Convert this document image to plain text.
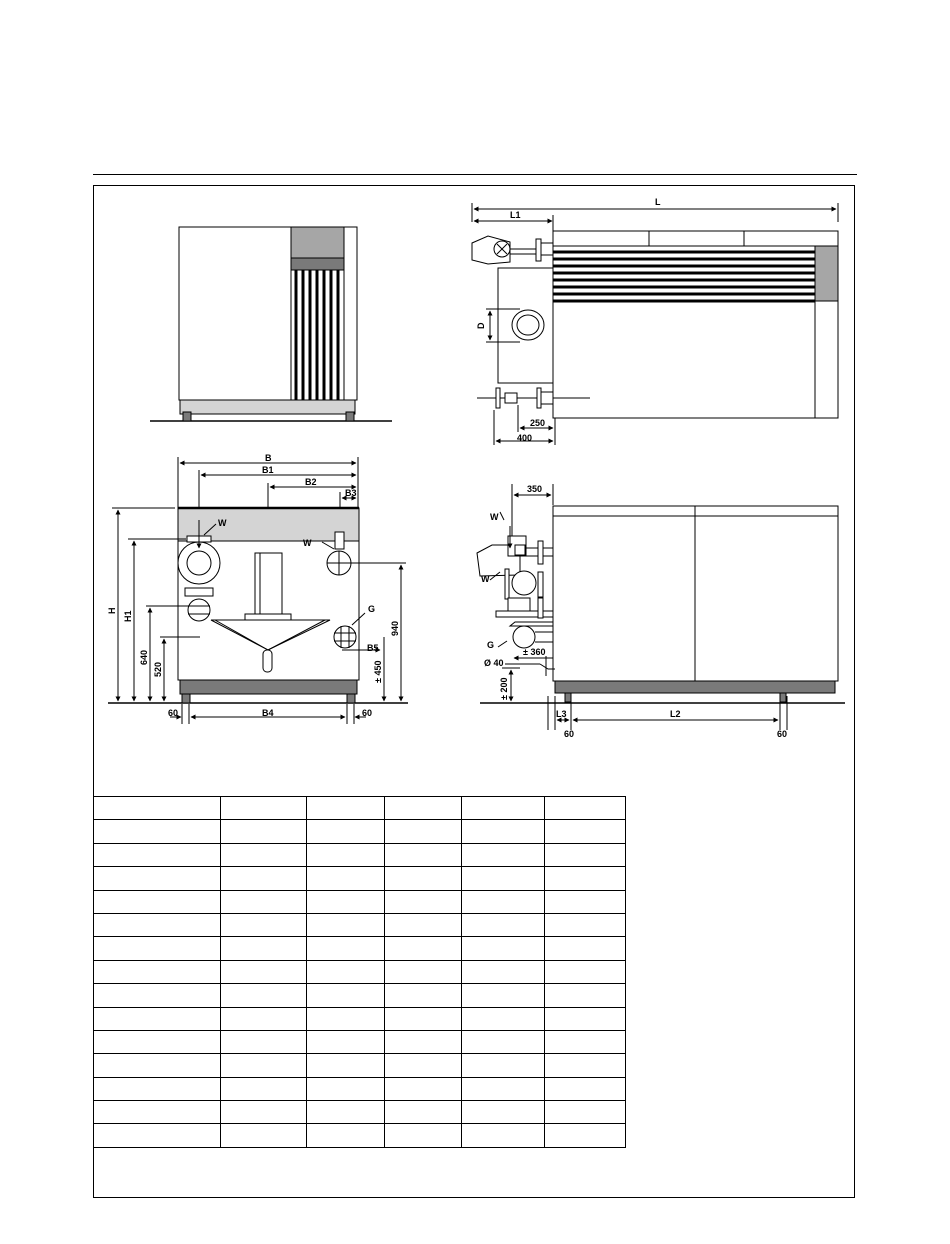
L
L1
D
250
400
B
B1
B2
B3
W
W
G
B5
H H1
640
520
940
± 450
60	B4	60
350
W
W
G
± 360
Ø 40
± 200
L3	L2
60	60
